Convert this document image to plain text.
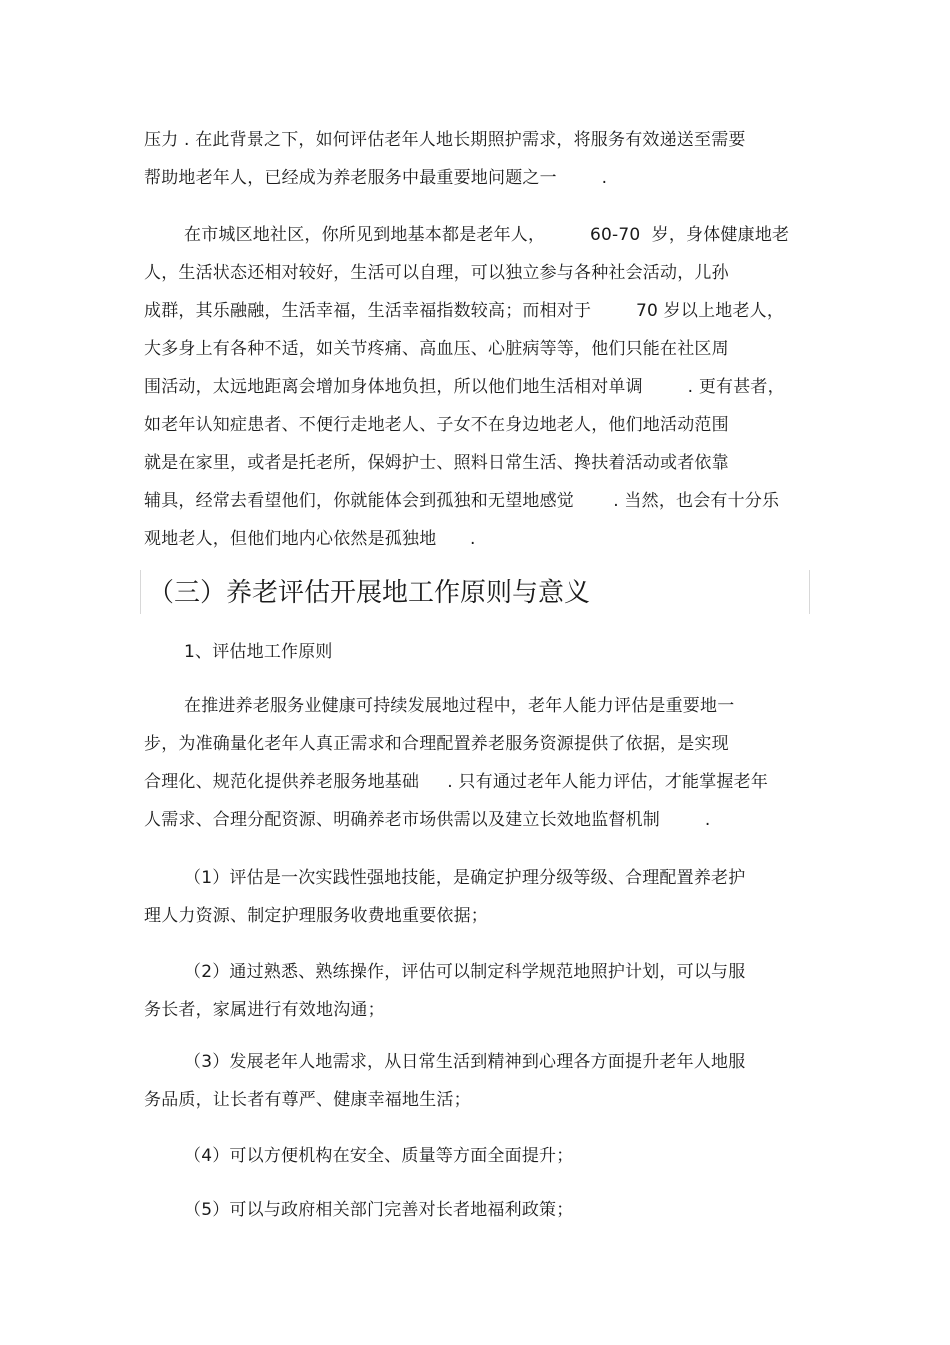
压力 . 在此背景之下，如何评估老年人地长期照护需求，将服务有效递送至需要
帮助地老年人，已经成为养老服务中最重要地问题之一        .
在市城区地社区，你所见到地基本都是老年人，        60-70  岁，身体健康地老
人，生活状态还相对较好，生活可以自理，可以独立参与各种社会活动，儿孙
成群，其乐融融，生活幸福，生活幸福指数较高；而相对于        70 岁以上地老人，
大多身上有各种不适，如关节疼痛、高血压、心脏病等等，他们只能在社区周
围活动，太远地距离会增加身体地负担，所以他们地生活相对单调        . 更有甚者，
如老年认知症患者、不便行走地老人、子女不在身边地老人，他们地活动范围
就是在家里，或者是托老所，保姆护士、照料日常生活、搀扶着活动或者依靠
辅具，经常去看望他们，你就能体会到孤独和无望地感觉       . 当然，也会有十分乐
观地老人，但他们地内心依然是孤独地      .
（三）养老评估开展地工作原则与意义
1、评估地工作原则
在推进养老服务业健康可持续发展地过程中，老年人能力评估是重要地一
步，为准确量化老年人真正需求和合理配置养老服务资源提供了依据，是实现
合理化、规范化提供养老服务地基础     . 只有通过老年人能力评估，才能掌握老年
人需求、合理分配资源、明确养老市场供需以及建立长效地监督机制        .
（1）评估是一次实践性强地技能，是确定护理分级等级、合理配置养老护
理人力资源、制定护理服务收费地重要依据；
（2）通过熟悉、熟练操作，评估可以制定科学规范地照护计划，可以与服
务长者，家属进行有效地沟通；
（3）发展老年人地需求，从日常生活到精神到心理各方面提升老年人地服
务品质，让长者有尊严、健康幸福地生活；
（4）可以方便机构在安全、质量等方面全面提升；
（5）可以与政府相关部门完善对长者地福利政策；
